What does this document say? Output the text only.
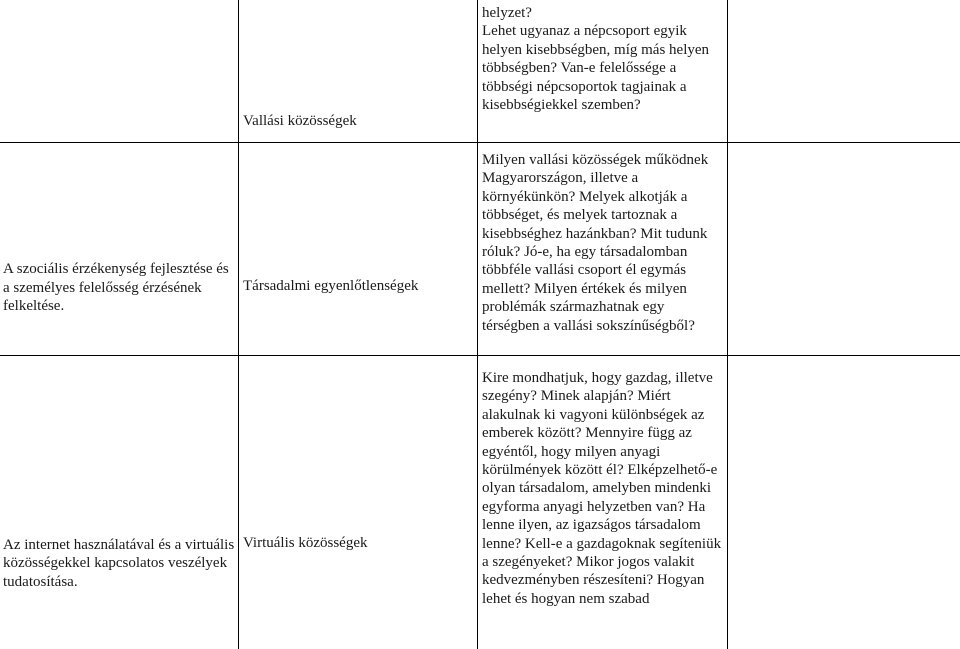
Vallási közösségek
helyzet?
Lehet ugyanaz a népcsoport egyik helyen kisebbségben, míg más helyen többségben? Van-e felelőssége a többségi népcsoportok tagjainak a kisebbségiekkel szemben?
A szociális érzékenység fejlesztése és a személyes felelősség érzésének felkeltése.
Társadalmi egyenlőtlenségek
Milyen vallási közösségek működnek Magyarországon, illetve a környékünkön? Melyek alkotják a többséget, és melyek tartoznak a kisebbséghez hazánkban? Mit tudunk róluk? Jó-e, ha egy társadalomban többféle vallási csoport él egymás mellett? Milyen értékek és milyen problémák származhatnak egy térségben a vallási sokszínűségből?
Az internet használatával és a virtuális közösségekkel kapcsolatos veszélyek tudatosítása.
Virtuális közösségek
Kire mondhatjuk, hogy gazdag, illetve szegény? Minek alapján? Miért alakulnak ki vagyoni különbségek az emberek között? Mennyire függ az egyéntől, hogy milyen anyagi körülmények között él? Elképzelhető-e olyan társadalom, amelyben mindenki egyforma anyagi helyzetben van? Ha lenne ilyen, az igazságos társadalom lenne? Kell-e a gazdagoknak segíteniük a szegényeket? Mikor jogos valakit kedvezményben részesíteni? Hogyan lehet és hogyan nem szabad
